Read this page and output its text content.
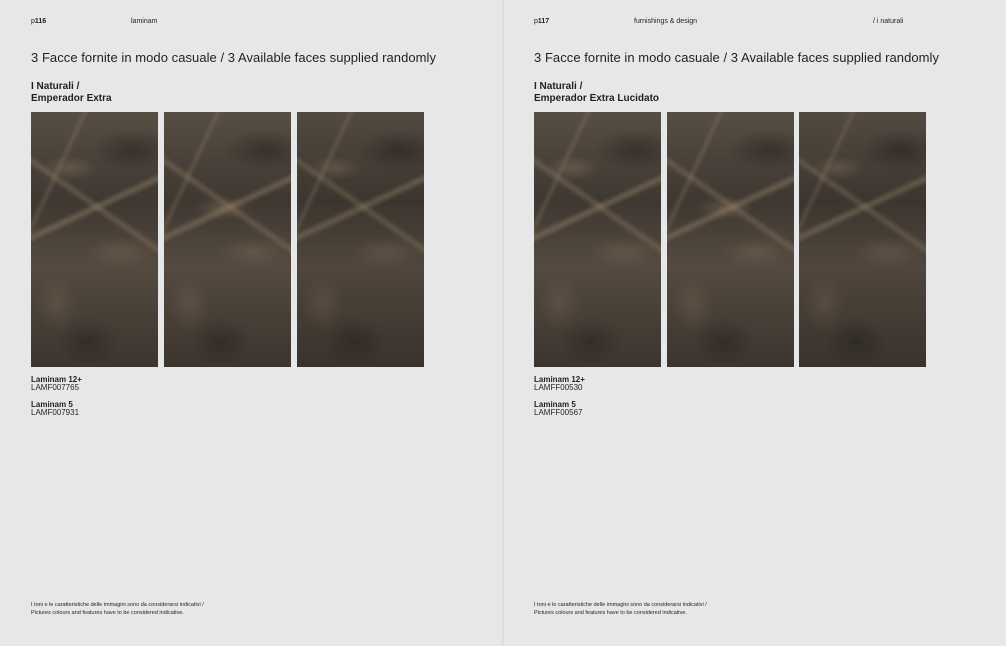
p116	laminam
3 Facce fornite in modo casuale / 3 Available faces supplied randomly
I Naturali /
Emperador Extra
Laminam 12+
LAMF007765
Laminam 5
LAMF007931
I toni e le caratteristiche delle immagini sono da considerarsi indicativi /
Pictures colours and features have to be considered indicative.
p117	furnishings & design	/ i naturali
3 Facce fornite in modo casuale / 3 Available faces supplied randomly
I Naturali /
Emperador Extra Lucidato
Laminam 12+
LAMFF00530
Laminam 5
LAMFF00567
I toni e le caratteristiche delle immagini sono da considerarsi indicativi /
Pictures colours and features have to be considered indicative.
